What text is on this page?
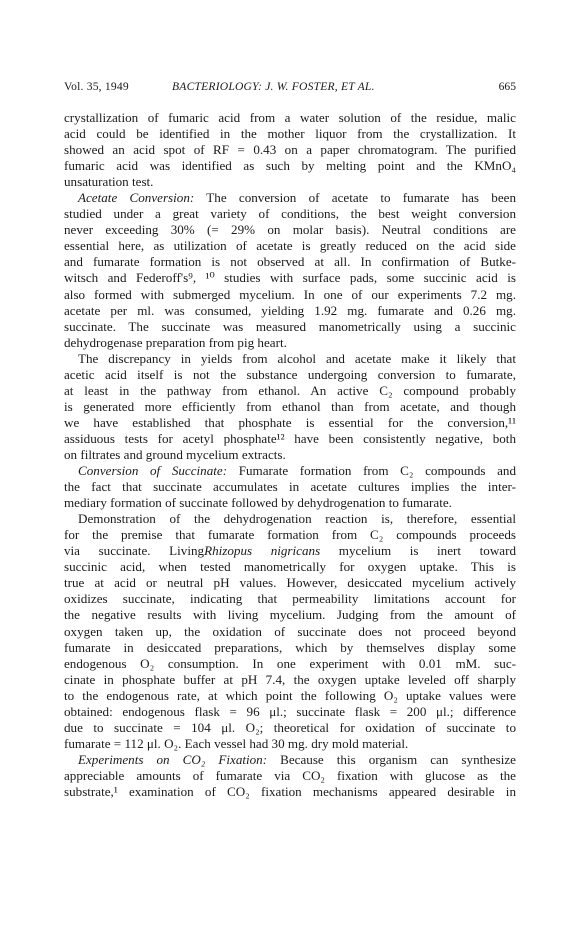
Vol. 35, 1949	BACTERIOLOGY: J. W. FOSTER, ET AL.	665
crystallization of fumaric acid from a water solution of the residue, malic
acid could be identified in the mother liquor from the crystallization. It
showed an acid spot of RF = 0.43 on a paper chromatogram. The purified
fumaric acid was identified as such by melting point and the KMnO₄
unsaturation test.
Acetate Conversion: The conversion of acetate to fumarate has been
studied under a great variety of conditions, the best weight conversion
never exceeding 30% (= 29% on molar basis). Neutral conditions are
essential here, as utilization of acetate is greatly reduced on the acid side
and fumarate formation is not observed at all. In confirmation of Butke-
witsch and Federoff's⁹, ¹⁰ studies with surface pads, some succinic acid is
also formed with submerged mycelium. In one of our experiments 7.2 mg.
acetate per ml. was consumed, yielding 1.92 mg. fumarate and 0.26 mg.
succinate. The succinate was measured manometrically using a succinic
dehydrogenase preparation from pig heart.
The discrepancy in yields from alcohol and acetate make it likely that
acetic acid itself is not the substance undergoing conversion to fumarate,
at least in the pathway from ethanol. An active C₂ compound probably
is generated more efficiently from ethanol than from acetate, and though
we have established that phosphate is essential for the conversion,¹¹
assiduous tests for acetyl phosphate¹² have been consistently negative, both
on filtrates and ground mycelium extracts.
Conversion of Succinate: Fumarate formation from C₂ compounds and
the fact that succinate accumulates in acetate cultures implies the inter-
mediary formation of succinate followed by dehydrogenation to fumarate.
Demonstration of the dehydrogenation reaction is, therefore, essential
for the premise that fumarate formation from C₂ compounds proceeds
via succinate. LivingRhizopus nigricans mycelium is inert toward
succinic acid, when tested manometrically for oxygen uptake. This is
true at acid or neutral pH values. However, desiccated mycelium actively
oxidizes succinate, indicating that permeability limitations account for
the negative results with living mycelium. Judging from the amount of
oxygen taken up, the oxidation of succinate does not proceed beyond
fumarate in desiccated preparations, which by themselves display some
endogenous O₂ consumption. In one experiment with 0.01 mM. suc-
cinate in phosphate buffer at pH 7.4, the oxygen uptake leveled off sharply
to the endogenous rate, at which point the following O₂ uptake values were
obtained: endogenous flask = 96 μl.; succinate flask = 200 μl.; difference
due to succinate = 104 μl. O₂; theoretical for oxidation of succinate to
fumarate = 112 μl. O₂. Each vessel had 30 mg. dry mold material.
Experiments on CO₂ Fixation: Because this organism can synthesize
appreciable amounts of fumarate via CO₂ fixation with glucose as the
substrate,¹ examination of CO₂ fixation mechanisms appeared desirable in
